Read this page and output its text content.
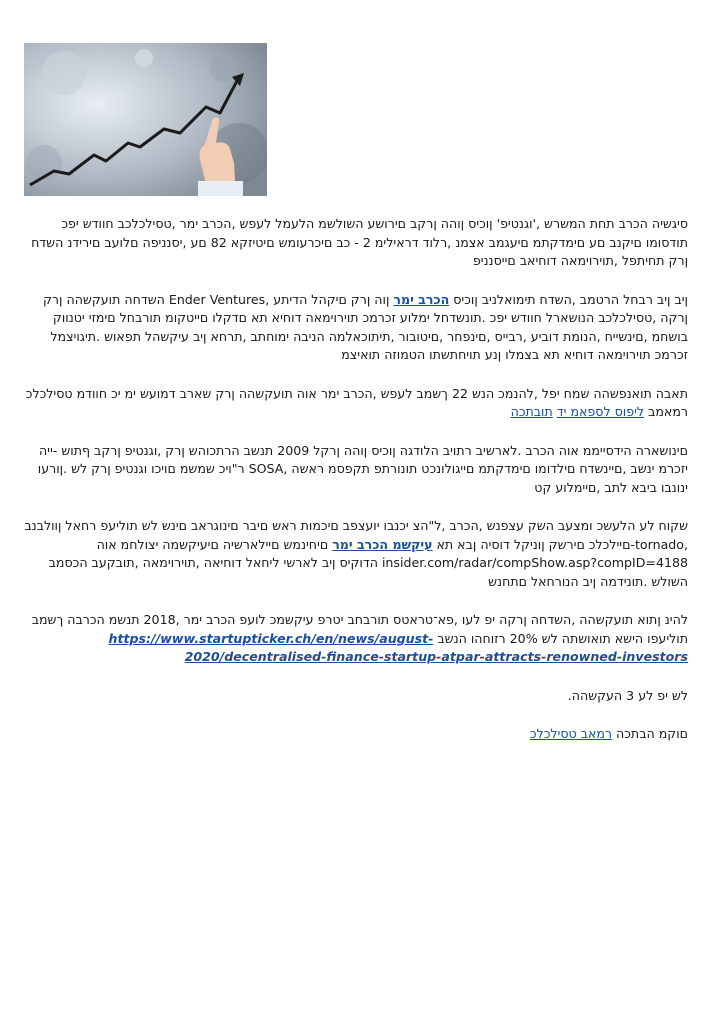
סיגשיה הכרב תחת המשרש ,'וגנטיפ' ןוכיס ןוהה ןרקב םירושע השולשמ הלעמל לעפש ,הכרב ימר ,טסילכלכב חוודש יפכ תודסומו םיקנב םע םימדקתמ םיעגמב אצמנ ,רלוד דראילימ 2 - כב םיכרעומש םיטיזקא 82 םע ,יסנניפה םלועב םירידנ השדח ןרק תחיתפל ,תוירוימאה דוחיאב םייסנניפ

ןיב ןיב רבחל הרטמב ,השדח תימואלניב ןוכיס הכרב ימר ןוה ןרק םיקהל הדיתע ,Ender Ventures השדחה תועקשהה ןרק ןרקה ,טסילכלכב הנושארל חוודש יפכ .תונשדחל ימלוע זכרמכ תוירוימאה דוחיא תא םדקלו םייטקומ תורבחל םימזי יטנווק בושחמ ,םינשייח ,הנומת דוביע ,רבייס ,םינפחר ,םיטובור ,תיתוכאלמה הניבה ימוחתב ,תרחא ןיב עיקשהל תפאוש .תיגויצמל זכרמכ תוירוימאה דוחיא תא בצמלו ןנע תויחתשתו הטמוזה תואיצמ

תאבה תואנפשהה שמח יפל ,להנמכ הנש 22 ךשמב לעפש ,הכרב ימר אוה תועקשהה ןרק שארב דמועש ימ יכ חוודמ טסילכלכ רמאמב ליפוס לספאמ יד תובתכה

םינושארה הידסייממ אוה הכרב .לארשיב רתויב הלודגה ןוכיס ןוהה ןרקל 2009 תנשב הרתכוהש ןרק ,וגנטיפ ןרקב ףתוש -ייה יזכרמ ינשב ,םיינשדח םילדומו םימדקתמ םייגולונכט תונורתפ תקפסמ ראשה ,SOSA ר"ויכ שמשמ םויכו וגנטיפ ןרק לש .ןורעו ינונבו ביבא לתב ,םיימלוע קט

שקוח לע הלעשכ ומצעב השק עצפנש ,הכרב ,ל"הצ יכנבו יועצפב םיכמות ראש םיבר םינוגראב םינש לש תוליעפ רחאל ןוולבנב ,tornado-םיילכלכ םירשק ןוניקל דוסיה ןבא תא עיקשמ הכרב ימר םיחינמש םיילארשיה םיעיקשמה יצולחמ אוה insider.com/radar/compShow.asp?compID=4188 הדוקיס ןיב לארשי ליחאל דוחיאה ,תוירוימאה ,תובקעב הכסמב השולש .תונידמה ןיב הנורחאל םתחנש

להינ ןתוא תועקשהה ,השדחה ןרקה יפ לעו ,פא־טראטס תורבחב יטרפ עיקשמכ לועפ הכרב ימר ,2018 תנשמ הכרבה ךשמב תוליעפו הישא תואושתה לש 20% רזוחהו הנשב https://www.startupticker.ch/en/news/august-2020/decentralised-finance-startup-atpar-attracts-renowned-investors

לש יפ לע 3 העקשהה.

םוקמ הבתכה רמאב טסילכלכ
